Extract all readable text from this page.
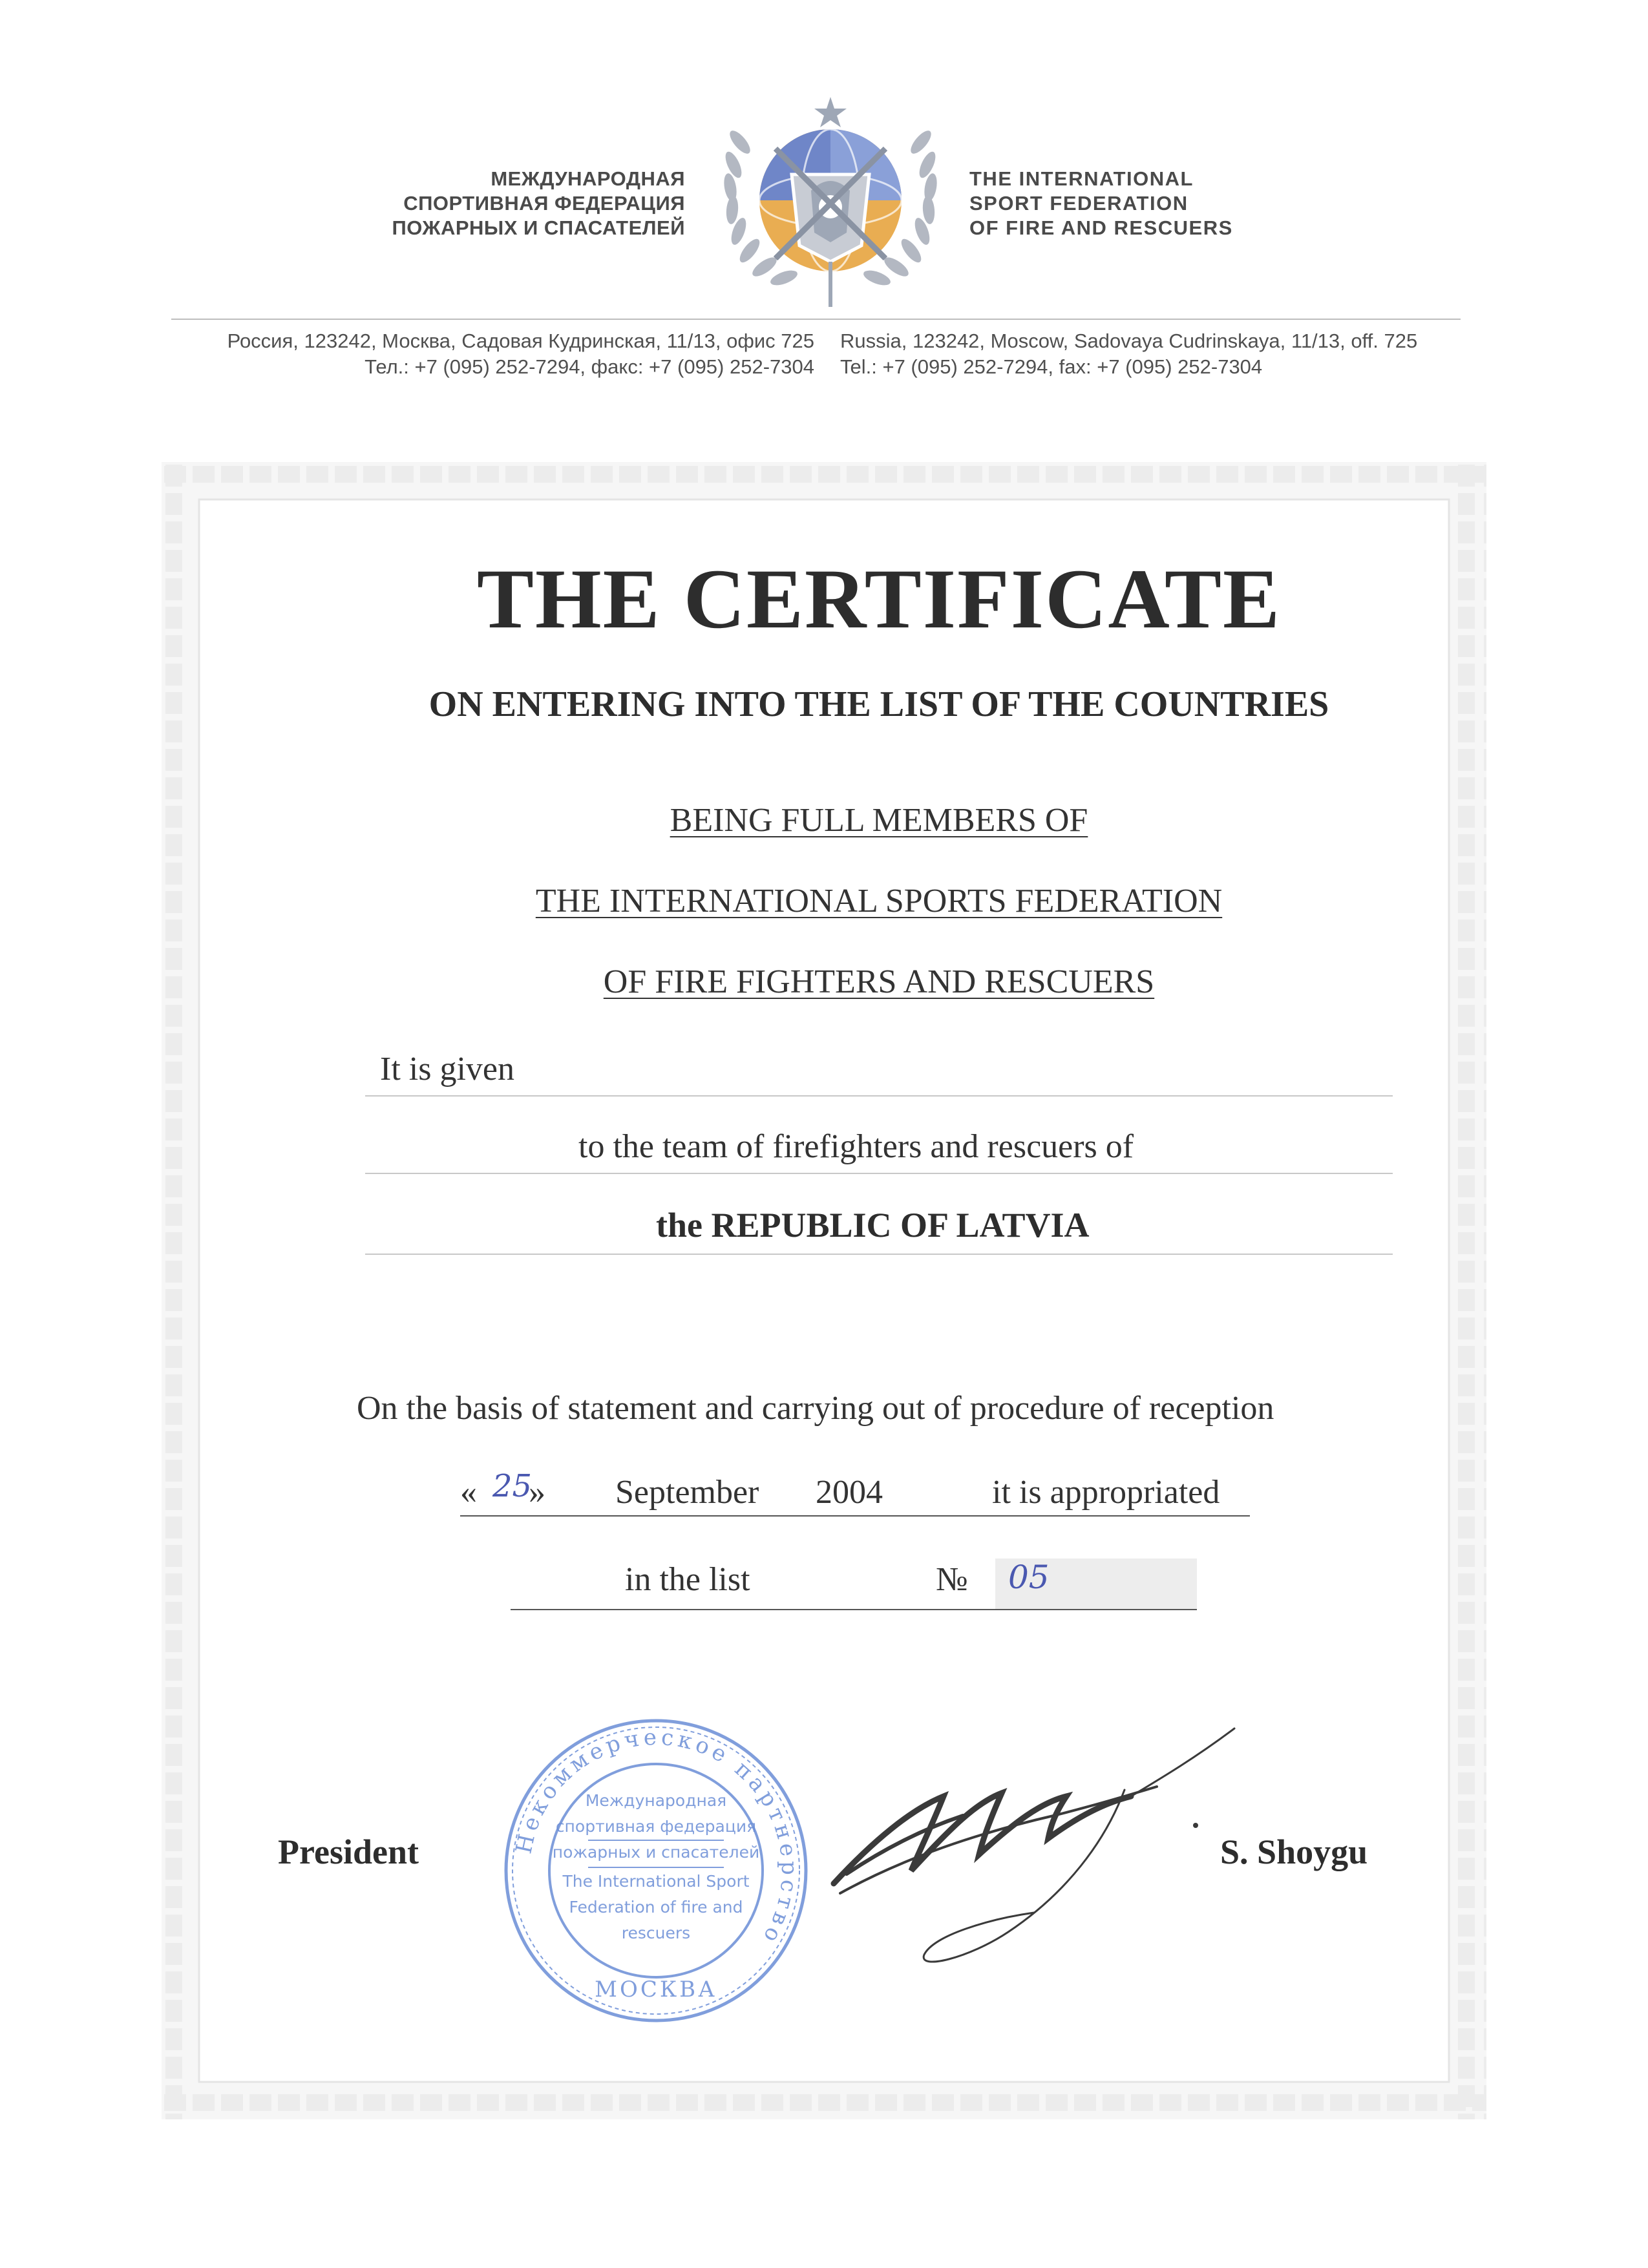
МЕЖДУНАРОДНАЯ
СПОРТИВНАЯ ФЕДЕРАЦИЯ
ПОЖАРНЫХ И СПАСАТЕЛЕЙ
THE INTERNATIONAL
SPORT FEDERATION
OF FIRE AND RESCUERS
Россия, 123242, Москва, Садовая Кудринская, 11/13, офис 725
Тел.: +7 (095) 252-7294, факс: +7 (095) 252-7304
Russia, 123242, Moscow, Sadovaya Cudrinskaya, 11/13, off. 725
Tel.: +7 (095) 252-7294, fax: +7 (095) 252-7304
THE CERTIFICATE
ON ENTERING INTO THE LIST OF THE COUNTRIES
BEING FULL MEMBERS OF
THE INTERNATIONAL SPORTS FEDERATION
OF FIRE FIGHTERS AND RESCUERS
It is given
to the team of firefighters and rescuers of
the REPUBLIC OF LATVIA
On the basis of statement and carrying out of procedure of reception
« 25
» September 2004	it is appropriated
in the list	№ 05
Некоммерческое партнерство
МОСКВА
Международная
спортивная федерация
пожарных и спасателей
The International Sport
Federation of fire and
rescuers
President	S. Shoygu
